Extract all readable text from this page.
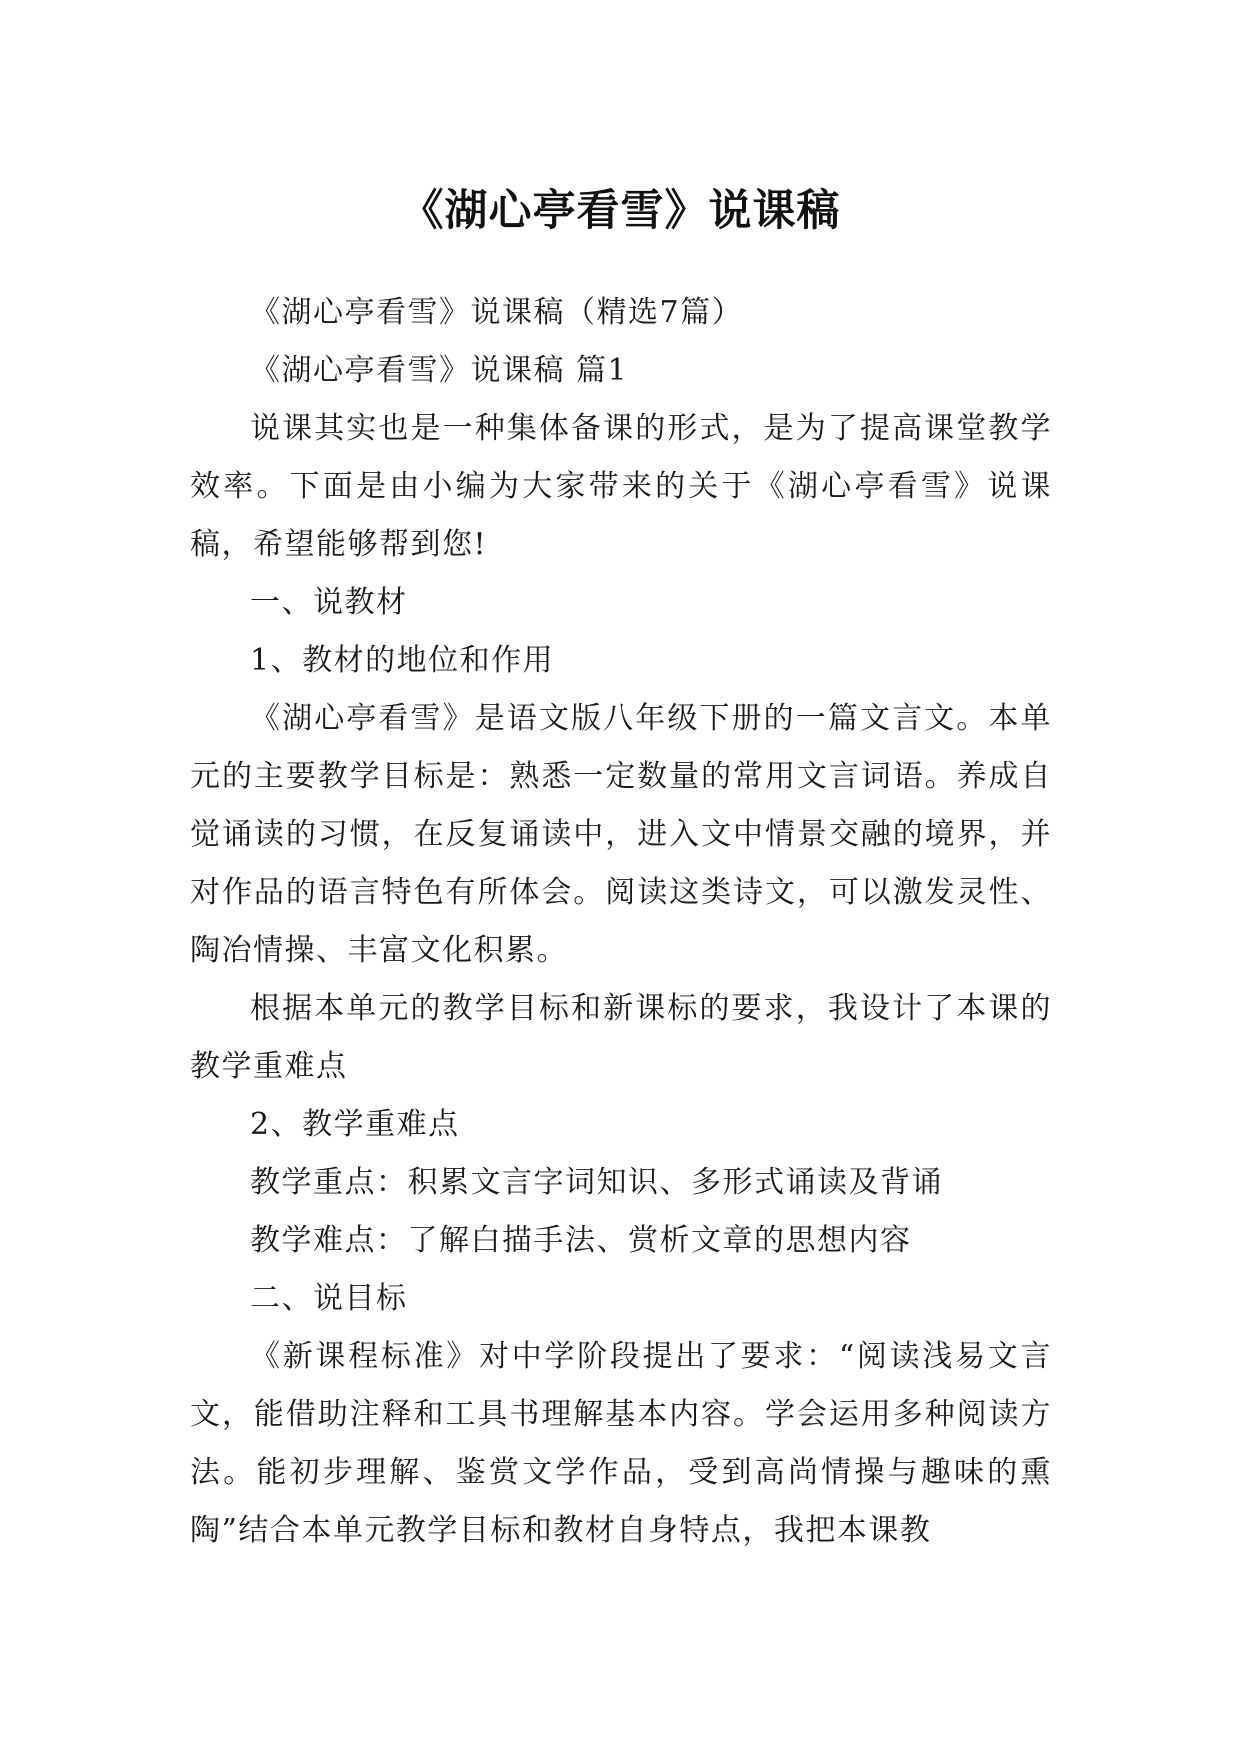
《湖心亭看雪》说课稿

《湖心亭看雪》说课稿（精选7篇）

《湖心亭看雪》说课稿 篇1

说课其实也是一种集体备课的形式，是为了提高课堂教学效率。下面是由小编为大家带来的关于《湖心亭看雪》说课稿，希望能够帮到您!

一、说教材

1、教材的地位和作用

《湖心亭看雪》是语文版八年级下册的一篇文言文。本单元的主要教学目标是：熟悉一定数量的常用文言词语。养成自觉诵读的习惯，在反复诵读中，进入文中情景交融的境界，并对作品的语言特色有所体会。阅读这类诗文，可以激发灵性、陶冶情操、丰富文化积累。

根据本单元的教学目标和新课标的要求，我设计了本课的教学重难点

2、教学重难点

教学重点：积累文言字词知识、多形式诵读及背诵

教学难点：了解白描手法、赏析文章的思想内容

二、说目标

《新课程标准》对中学阶段提出了要求：“阅读浅易文言文，能借助注释和工具书理解基本内容。学会运用多种阅读方法。能初步理解、鉴赏文学作品，受到高尚情操与趣味的熏陶”结合本单元教学目标和教材自身特点，我把本课教
